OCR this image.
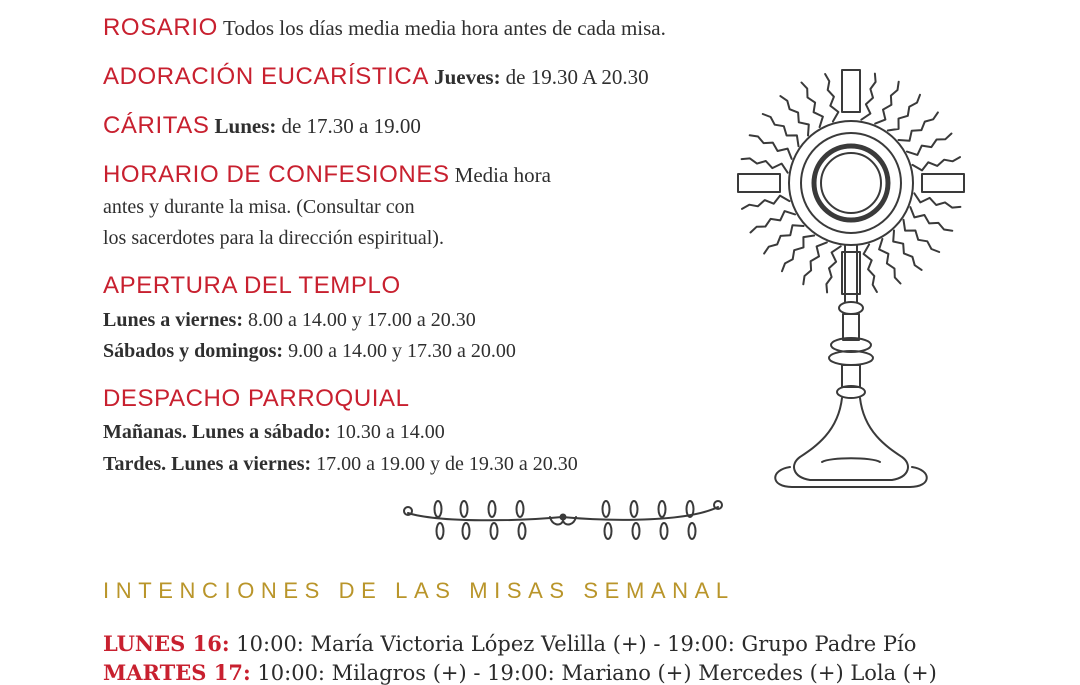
ROSARIO Todos los días media media hora antes de cada misa.
ADORACIÓN EUCARÍSTICA Jueves: de 19.30 A 20.30
CÁRITAS Lunes: de 17.30 a 19.00
HORARIO DE CONFESIONES Media hora
antes y durante la misa. (Consultar con
los sacerdotes para la dirección espiritual).
APERTURA DEL TEMPLO
Lunes a viernes: 8.00 a 14.00 y 17.00 a 20.30
Sábados y domingos: 9.00 a 14.00 y 17.30 a 20.00
DESPACHO PARROQUIAL
Mañanas. Lunes a sábado: 10.30 a 14.00
Tardes. Lunes a viernes: 17.00 a 19.00 y de 19.30 a 20.30
INTENCIONES DE LAS MISAS SEMANAL
LUNES 16: 10:00: María Victoria López Velilla (+) - 19:00: Grupo Padre Pío
MARTES 17: 10:00: Milagros (+) - 19:00: Mariano (+) Mercedes (+) Lola (+)
